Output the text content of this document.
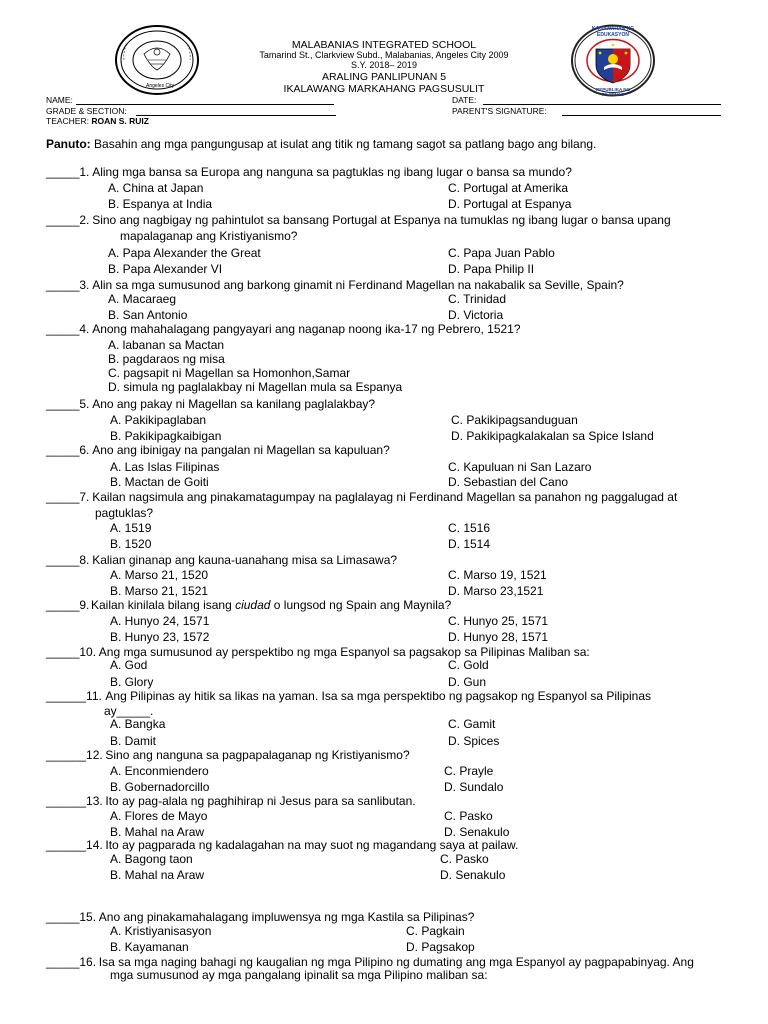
Angeles City
KAGAWARAN NG EDUKASYON
REPUBLIKA NG PILIPINAS
MALABANIAS INTEGRATED SCHOOL
Tamarind St., Clarkview Subd., Malabanias, Angeles City 2009
S.Y. 2018– 2019
ARALING PANLIPUNAN 5
IKALAWANG MARKAHANG PAGSUSULIT
NAME:	DATE:
GRADE & SECTION:	PARENT'S SIGNATURE:
TEACHER: ROAN S. RUIZ
Panuto: Basahin ang mga pangungusap at isulat ang titik ng tamang sagot sa patlang bago ang bilang.
_____1. Aling mga bansa sa Europa ang nanguna sa pagtuklas ng ibang lugar o bansa sa mundo?
A. China at Japan	C. Portugal at Amerika
B. Espanya at India	D. Portugal at Espanya
_____2. Sino ang nagbigay ng pahintulot sa bansang Portugal at Espanya na tumuklas ng ibang lugar o bansa upang
mapalaganap ang Kristiyanismo?
A. Papa Alexander the Great	C. Papa Juan Pablo
B. Papa Alexander VI	D. Papa Philip II
_____3. Alin sa mga sumusunod ang barkong ginamit ni Ferdinand Magellan na nakabalik sa Seville, Spain?
A. Macaraeg	C. Trinidad
B. San Antonio	D. Victoria
_____4. Anong mahahalagang pangyayari ang naganap noong ika-17 ng Pebrero, 1521?
A. labanan sa Mactan
B. pagdaraos ng misa
C. pagsapit ni Magellan sa Homonhon,Samar
D. simula ng paglalakbay ni Magellan mula sa Espanya
_____5. Ano ang pakay ni Magellan sa kanilang paglalakbay?
A. Pakikipaglaban	C. Pakikipagsanduguan
B. Pakikipagkaibigan	D. Pakikipagkalakalan sa Spice Island
_____6. Ano ang ibinigay na pangalan ni Magellan sa kapuluan?
A. Las Islas Filipinas	C. Kapuluan ni San Lazaro
B. Mactan de Goiti	D. Sebastian del Cano
_____7. Kailan nagsimula ang pinakamatagumpay na paglalayag ni Ferdinand Magellan sa panahon ng paggalugad at
pagtuklas?
A. 1519	C. 1516
B. 1520	D. 1514
_____8. Kalian ginanap ang kauna-uanahang misa sa Limasawa?
A. Marso 21, 1520	C. Marso 19, 1521
B. Marso 21, 1521	D. Marso 23,1521
_____9. Kailan kinilala bilang isang ciudad o lungsod ng Spain ang Maynila?
A. Hunyo 24, 1571	C. Hunyo 25, 1571
B. Hunyo 23, 1572	D. Hunyo 28, 1571
_____10. Ang mga sumusunod ay perspektibo ng mga Espanyol sa pagsakop sa Pilipinas Maliban sa:
A. God	C. Gold
B. Glory	D. Gun
______11. Ang Pilipinas ay hitik sa likas na yaman. Isa sa mga perspektibo ng pagsakop ng Espanyol sa Pilipinas
ay_____.
A. Bangka	C. Gamit
B. Damit	D. Spices
______12. Sino ang nanguna sa pagpapalaganap ng Kristiyanismo?
A. Enconmiendero	C. Prayle
B. Gobernadorcillo	D. Sundalo
______13. Ito ay pag-alala ng paghihirap ni Jesus para sa sanlibutan.
A. Flores de Mayo	C. Pasko
B. Mahal na Araw	D. Senakulo
______14. Ito ay pagparada ng kadalagahan na may suot ng magandang saya at pailaw.
A. Bagong taon	C. Pasko
B. Mahal na Araw	D. Senakulo
_____15. Ano ang pinakamahalagang impluwensya ng mga Kastila sa Pilipinas?
A. Kristiyanisasyon	C. Pagkain
B. Kayamanan	D. Pagsakop
_____16. Isa sa mga naging bahagi ng kaugalian ng mga Pilipino ng dumating ang mga Espanyol ay pagpapabinyag. Ang
mga sumusunod ay mga pangalang ipinalit sa mga Pilipino maliban sa:
